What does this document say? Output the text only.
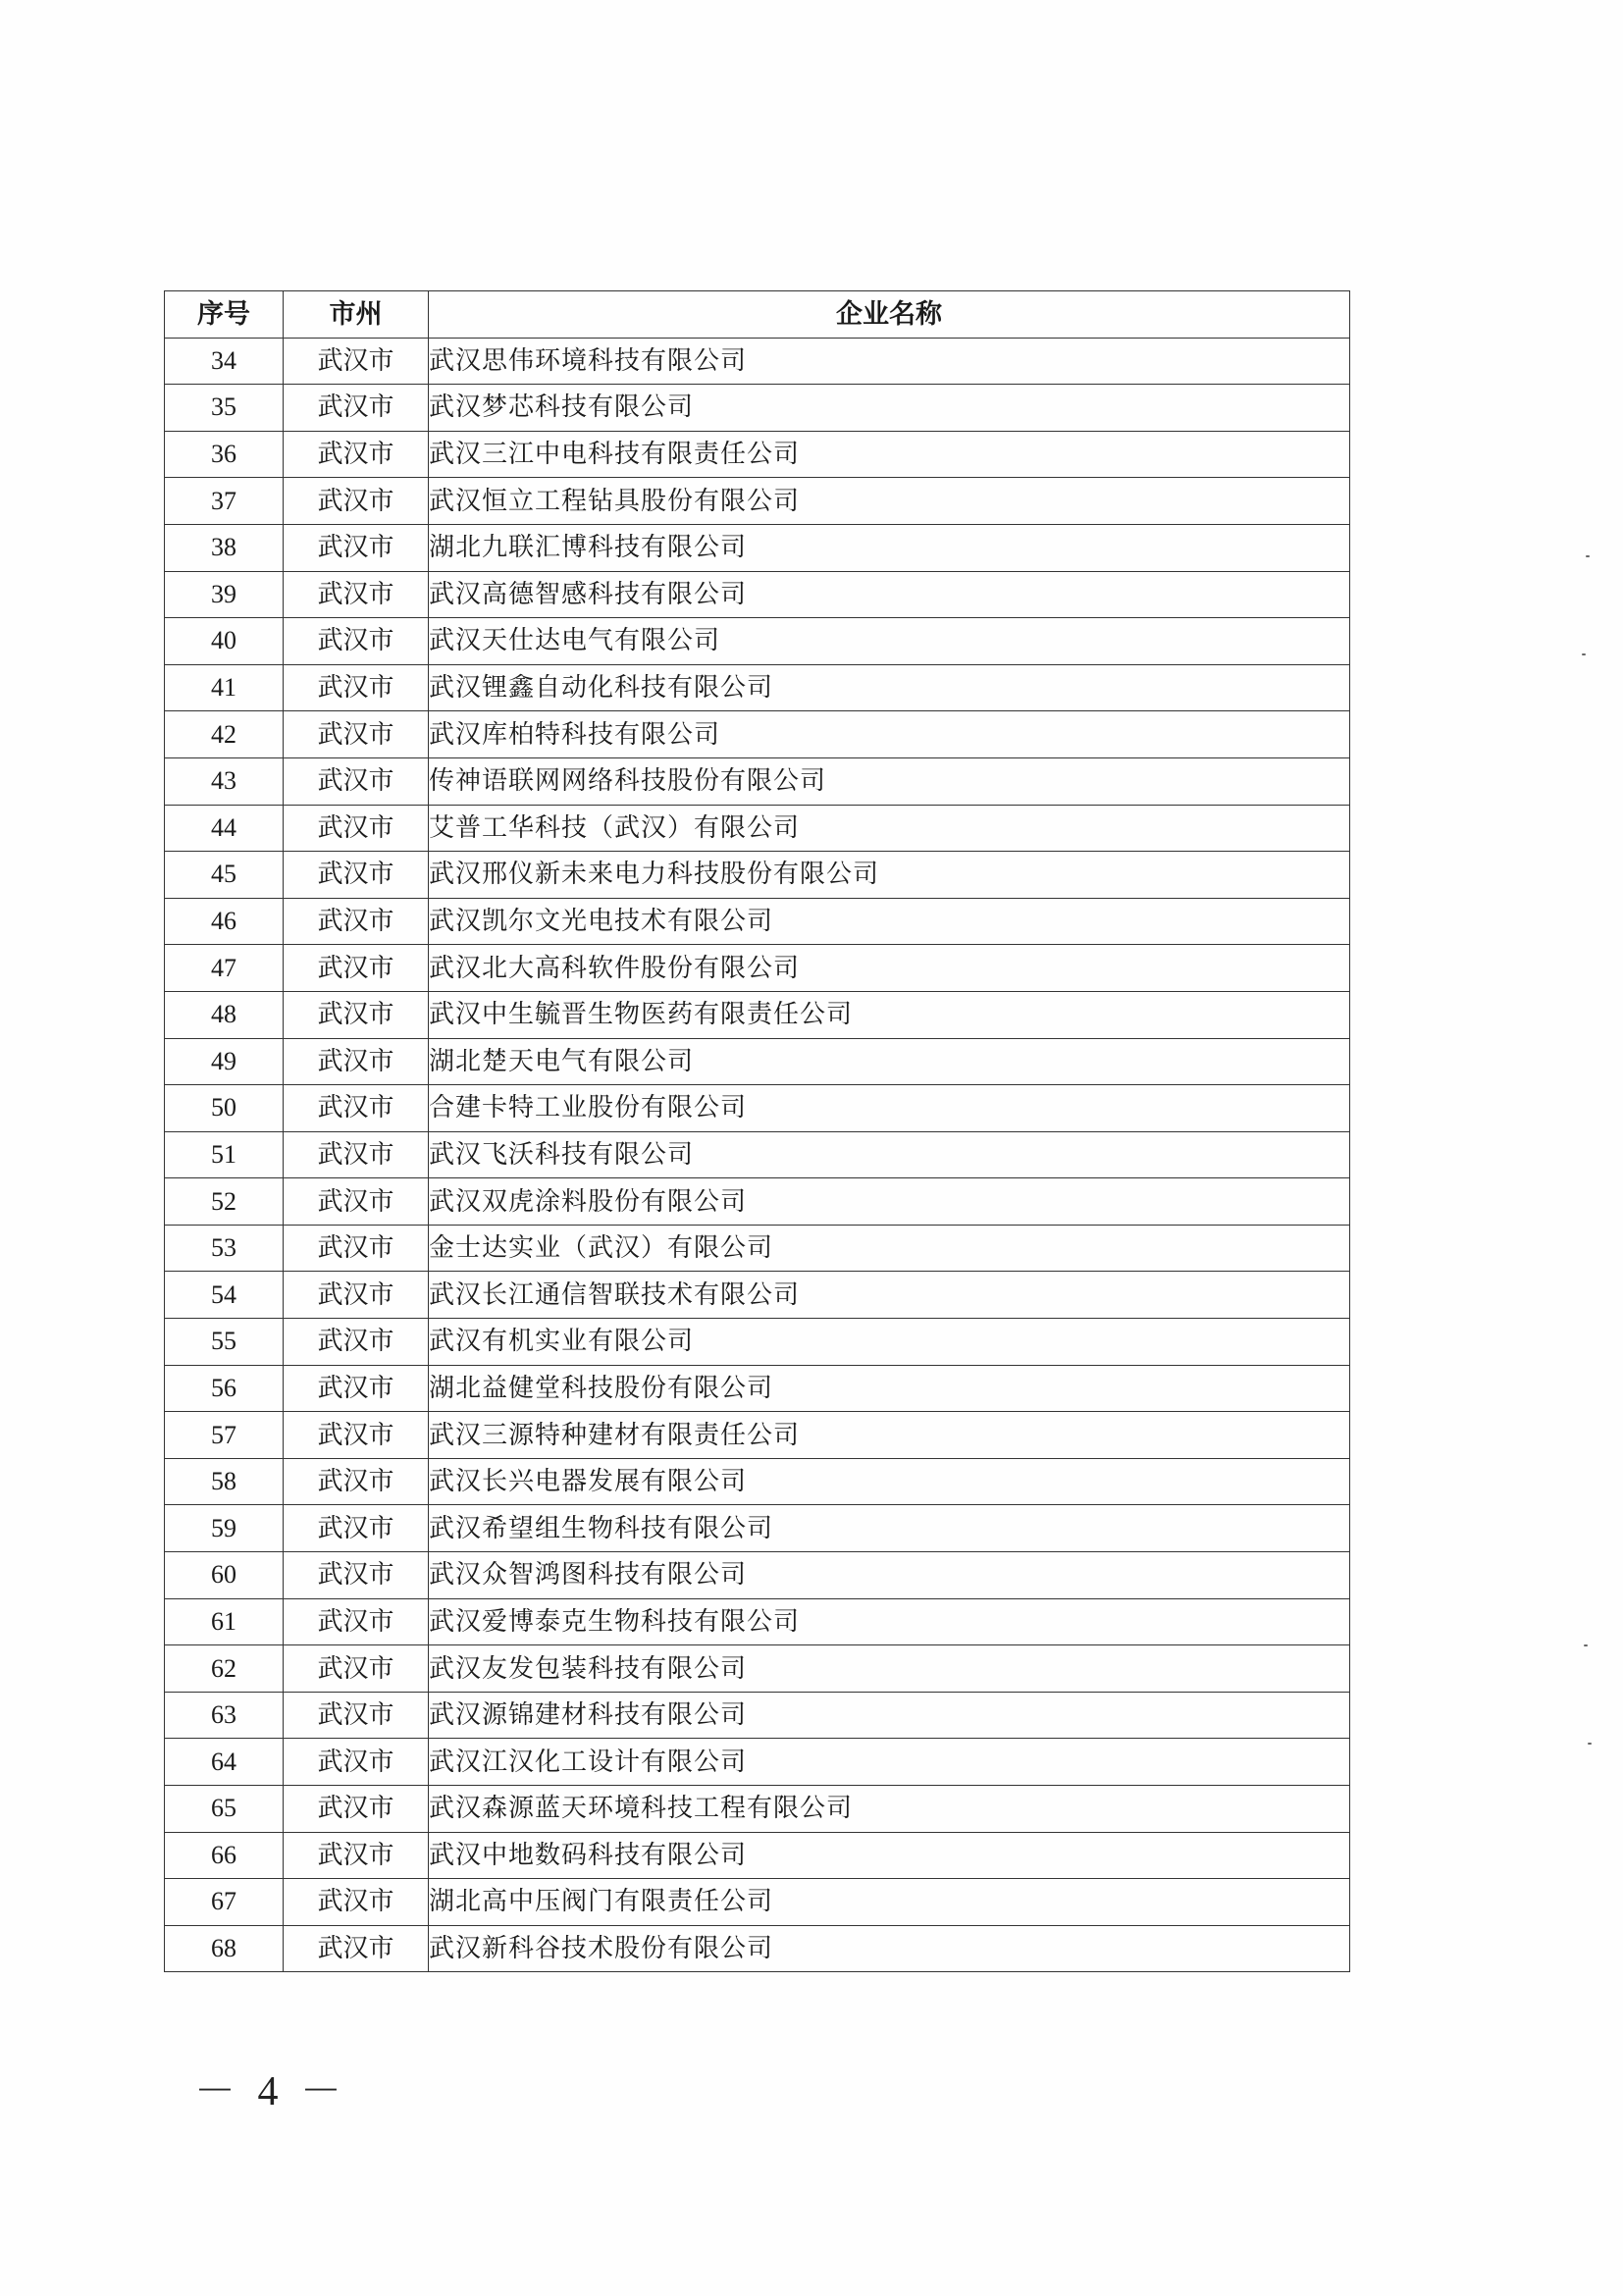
序号	市州	企业名称
34	武汉市	武汉思伟环境科技有限公司
35	武汉市	武汉梦芯科技有限公司
36	武汉市	武汉三江中电科技有限责任公司
37	武汉市	武汉恒立工程钻具股份有限公司
38	武汉市	湖北九联汇博科技有限公司
39	武汉市	武汉高德智感科技有限公司
40	武汉市	武汉天仕达电气有限公司
41	武汉市	武汉锂鑫自动化科技有限公司
42	武汉市	武汉库柏特科技有限公司
43	武汉市	传神语联网网络科技股份有限公司
44	武汉市	艾普工华科技（武汉）有限公司
45	武汉市	武汉邢仪新未来电力科技股份有限公司
46	武汉市	武汉凯尔文光电技术有限公司
47	武汉市	武汉北大高科软件股份有限公司
48	武汉市	武汉中生毓晋生物医药有限责任公司
49	武汉市	湖北楚天电气有限公司
50	武汉市	合建卡特工业股份有限公司
51	武汉市	武汉飞沃科技有限公司
52	武汉市	武汉双虎涂料股份有限公司
53	武汉市	金士达实业（武汉）有限公司
54	武汉市	武汉长江通信智联技术有限公司
55	武汉市	武汉有机实业有限公司
56	武汉市	湖北益健堂科技股份有限公司
57	武汉市	武汉三源特种建材有限责任公司
58	武汉市	武汉长兴电器发展有限公司
59	武汉市	武汉希望组生物科技有限公司
60	武汉市	武汉众智鸿图科技有限公司
61	武汉市	武汉爱博泰克生物科技有限公司
62	武汉市	武汉友发包装科技有限公司
63	武汉市	武汉源锦建材科技有限公司
64	武汉市	武汉江汉化工设计有限公司
65	武汉市	武汉森源蓝天环境科技工程有限公司
66	武汉市	武汉中地数码科技有限公司
67	武汉市	湖北高中压阀门有限责任公司
68	武汉市	武汉新科谷技术股份有限公司
－ 4 －
